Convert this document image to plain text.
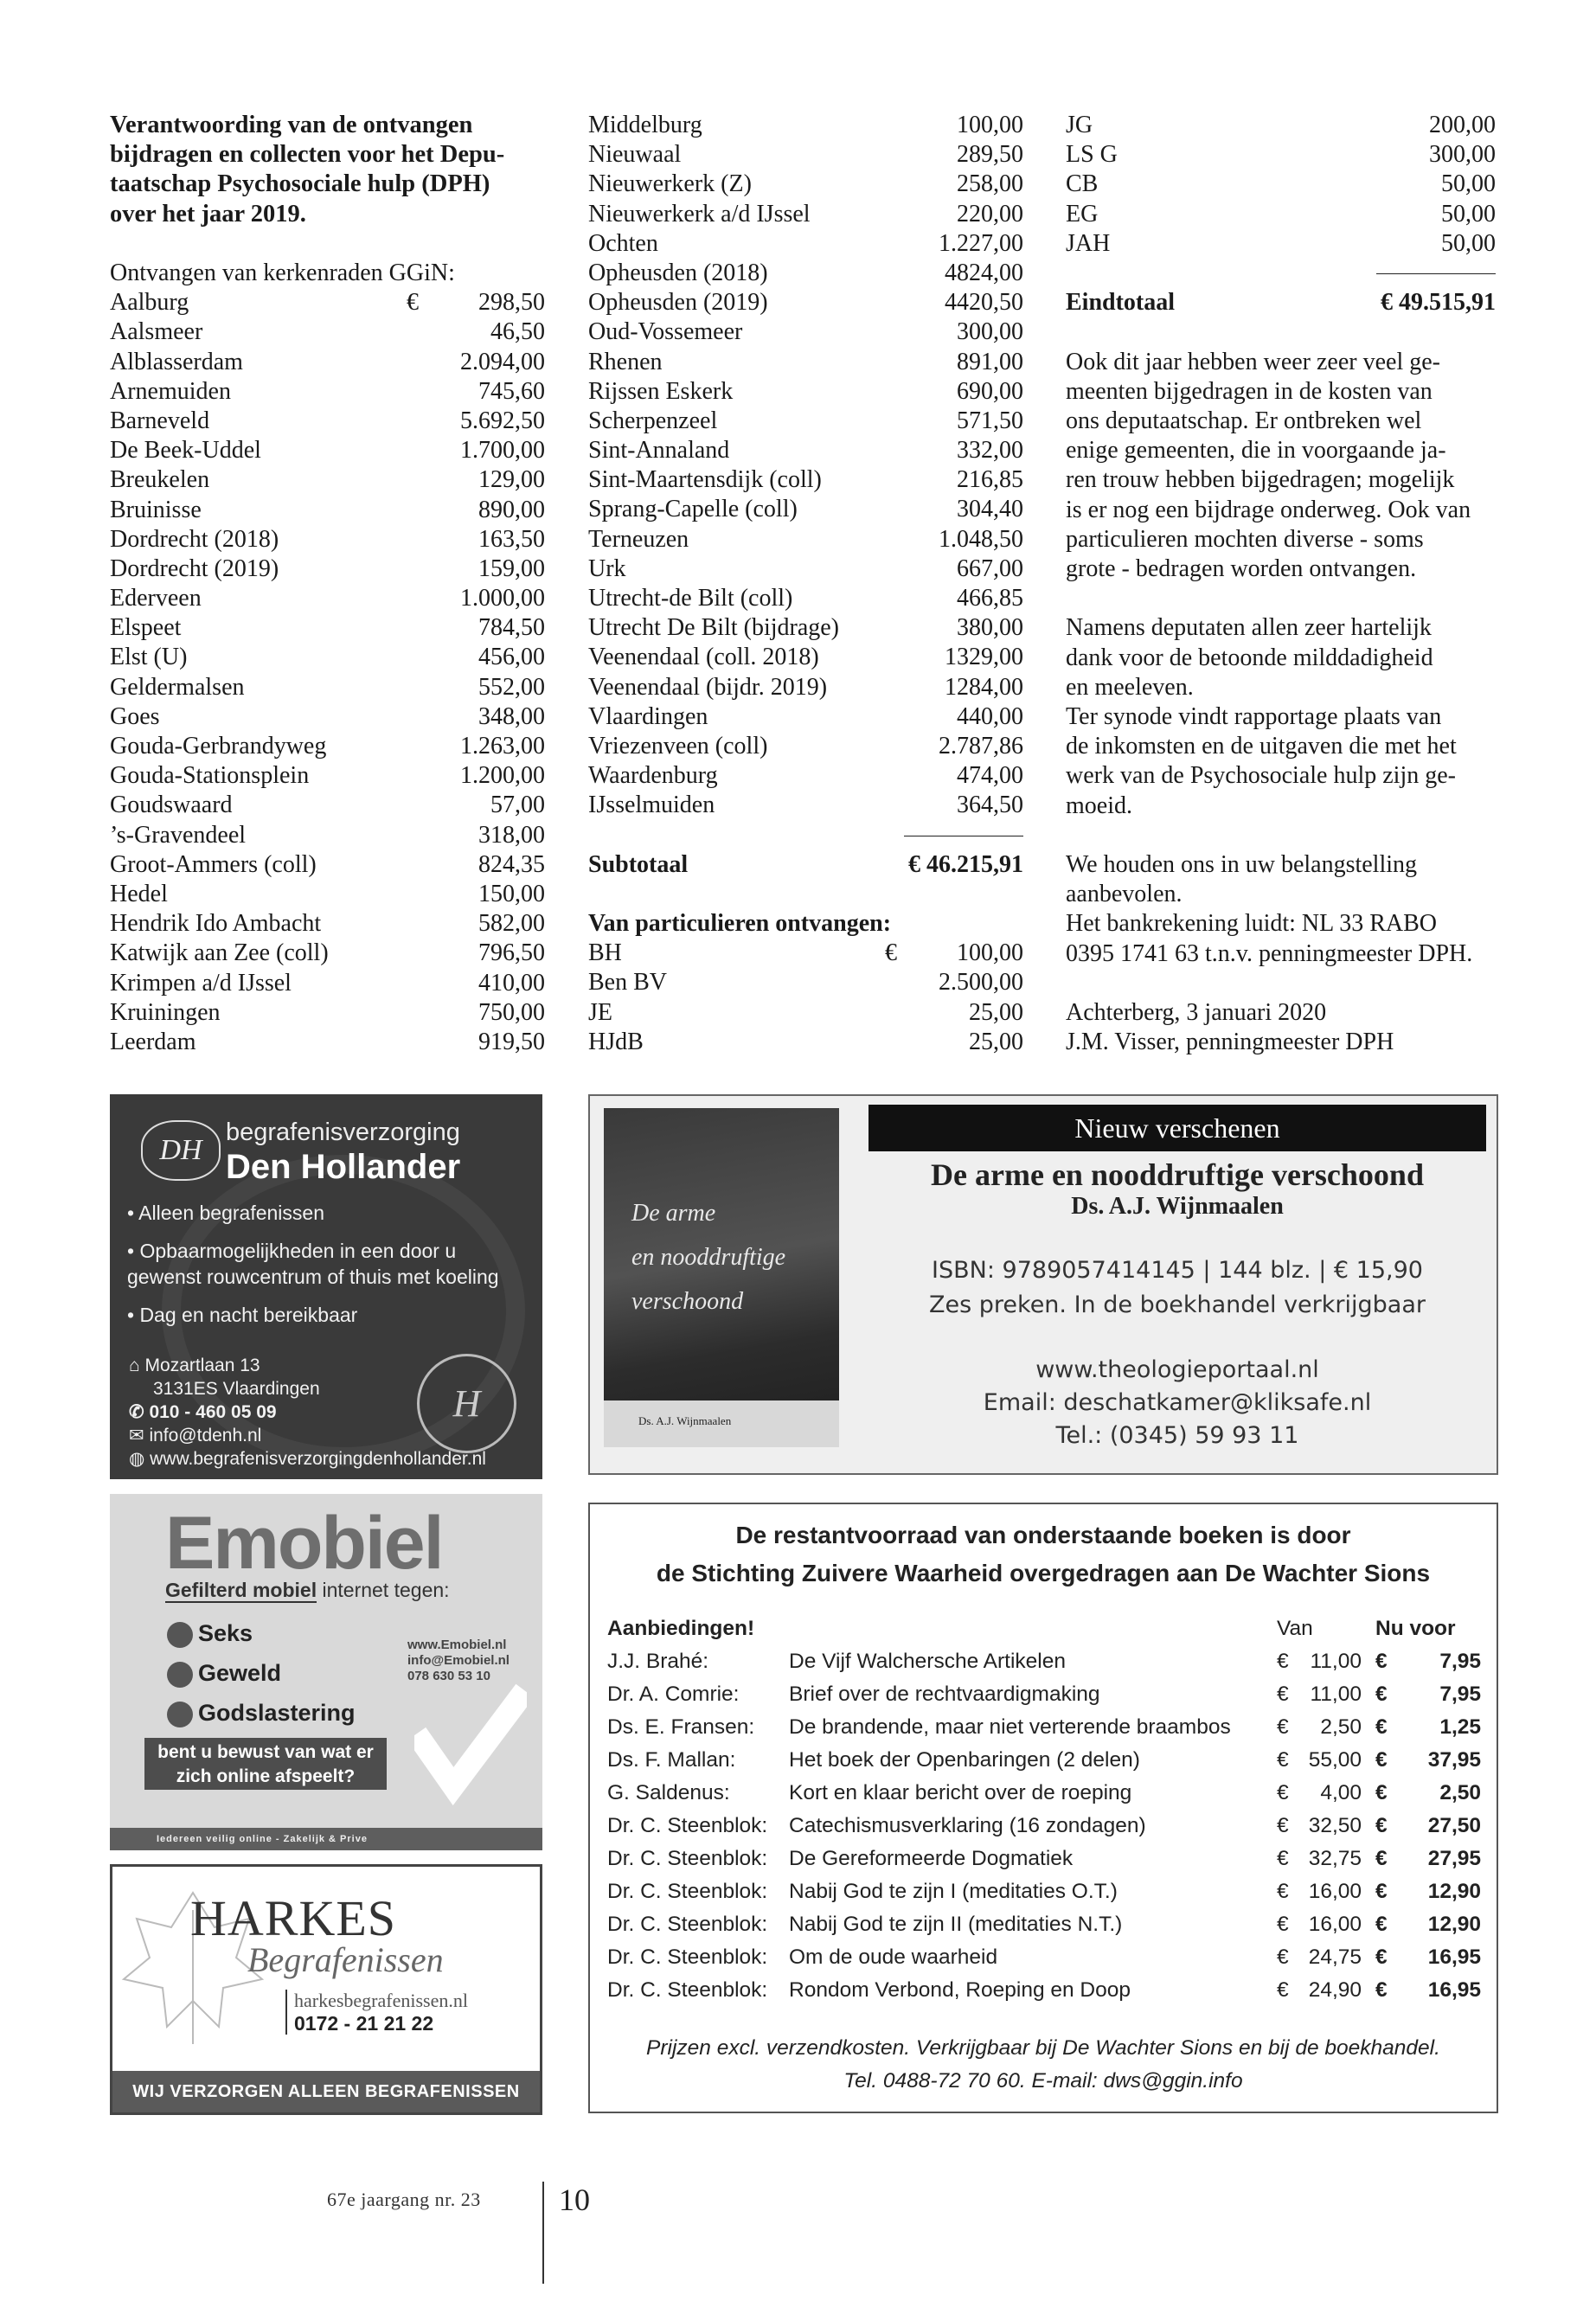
Verantwoording van de ontvangen
bijdragen en collecten voor het Depu-
taatschap Psychosociale hulp (DPH)
over het jaar 2019.
Ontvangen van kerkenraden GGiN:
Aalburg	€ 298,50
Aalsmeer	46,50
Alblasserdam	2.094,00
Arnemuiden	745,60
Barneveld	5.692,50
De Beek-Uddel	1.700,00
Breukelen	129,00
Bruinisse	890,00
Dordrecht (2018)	163,50
Dordrecht (2019)	159,00
Ederveen	1.000,00
Elspeet	784,50
Elst (U)	456,00
Geldermalsen	552,00
Goes	348,00
Gouda-Gerbrandyweg	1.263,00
Gouda-Stationsplein	1.200,00
Goudswaard	57,00
’s-Gravendeel	318,00
Groot-Ammers (coll)	824,35
Hedel	150,00
Hendrik Ido Ambacht	582,00
Katwijk aan Zee (coll)	796,50
Krimpen a/d IJssel	410,00
Kruiningen	750,00
Leerdam	919,50
Middelburg	100,00
Nieuwaal	289,50
Nieuwerkerk (Z)	258,00
Nieuwerkerk a/d IJssel	220,00
Ochten	1.227,00
Opheusden (2018)	4824,00
Opheusden (2019)	4420,50
Oud-Vossemeer	300,00
Rhenen	891,00
Rijssen Eskerk	690,00
Scherpenzeel	571,50
Sint-Annaland	332,00
Sint-Maartensdijk (coll)	216,85
Sprang-Capelle (coll)	304,40
Terneuzen	1.048,50
Urk	667,00
Utrecht-de Bilt (coll)	466,85
Utrecht De Bilt (bijdrage)	380,00
Veenendaal (coll. 2018)	1329,00
Veenendaal (bijdr. 2019)	1284,00
Vlaardingen	440,00
Vriezenveen (coll)	2.787,86
Waardenburg	474,00
IJsselmuiden	364,50
Subtotaal	€ 46.215,91
Van particulieren ontvangen:
BH	€ 100,00
Ben BV	2.500,00
JE	25,00
HJdB	25,00
JG	200,00
LS G	300,00
CB	50,00
EG	50,00
JAH	50,00
Eindtotaal	€ 49.515,91
Ook dit jaar hebben weer zeer veel ge-
meenten bijgedragen in de kosten van
ons deputaatschap. Er ontbreken wel
enige gemeenten, die in voorgaande ja-
ren trouw hebben bijgedragen; mogelijk
is er nog een bijdrage onderweg. Ook van
particulieren mochten diverse - soms
grote - bedragen worden ontvangen.
Namens deputaten allen zeer hartelijk
dank voor de betoonde milddadigheid
en meeleven.
Ter synode vindt rapportage plaats van
de inkomsten en de uitgaven die met het
werk van de Psychosociale hulp zijn ge-
moeid.
We houden ons in uw belangstelling
aanbevolen.
Het bankrekening luidt: NL 33 RABO
0395 1741 63 t.n.v. penningmeester DPH.
Achterberg, 3 januari 2020
J.M. Visser, penningmeester DPH
DH
begrafenisverzorging
Den Hollander
• Alleen begrafenissen
• Opbaarmogelijkheden in een door u gewenst rouwcentrum of thuis met koeling
• Dag en nacht bereikbaar
⌂ Mozartlaan 13
3131ES Vlaardingen
✆ 010 - 460 05 09
✉ info@tdenh.nl
◍ www.begrafenisverzorgingdenhollander.nl
H
Emobiel
Gefilterd mobiel internet tegen:
Seks
Geweld
Godslastering
www.Emobiel.nl
info@Emobiel.nl
078 630 53 10
bent u bewust van wat er zich online afspeelt?
Iedereen veilig online - Zakelijk & Prive
HARKES
Begrafenissen
harkesbegrafenissen.nl
0172 - 21 21 22
WIJ VERZORGEN ALLEEN BEGRAFENISSEN
De arme
en nooddruftige
verschoond
Ds. A.J. Wijnmaalen
Nieuw verschenen
De arme en nooddruftige verschoond
Ds. A.J. Wijnmaalen
ISBN: 9789057414145 | 144 blz. | € 15,90
Zes preken. In de boekhandel verkrijgbaar
www.theologieportaal.nl
Email: deschatkamer@kliksafe.nl
Tel.: (0345) 59 93 11
De restantvoorraad van onderstaande boeken is door
de Stichting Zuivere Waarheid overgedragen aan De Wachter Sions
Aanbiedingen!	Van	Nu voor
J.J. Brahé:	De Vijf Walchersche Artikelen	€ 11,00 € 7,95
Dr. A. Comrie:	Brief over de rechtvaardigmaking	€ 11,00 € 7,95
Ds. E. Fransen:	De brandende, maar niet verterende braambos	€ 2,50 € 1,25
Ds. F. Mallan:	Het boek der Openbaringen (2 delen)	€ 55,00 € 37,95
G. Saldenus:	Kort en klaar bericht over de roeping	€ 4,00 € 2,50
Dr. C. Steenblok:	Catechismusverklaring (16 zondagen)	€ 32,50 € 27,50
Dr. C. Steenblok:	De Gereformeerde Dogmatiek	€ 32,75 € 27,95
Dr. C. Steenblok:	Nabij God te zijn I (meditaties O.T.)	€ 16,00 € 12,90
Dr. C. Steenblok:	Nabij God te zijn II (meditaties N.T.)	€ 16,00 € 12,90
Dr. C. Steenblok:	Om de oude waarheid	€ 24,75 € 16,95
Dr. C. Steenblok:	Rondom Verbond, Roeping en Doop	€ 24,90 € 16,95
Prijzen excl. verzendkosten. Verkrijgbaar bij De Wachter Sions en bij de boekhandel.
Tel. 0488-72 70 60. E-mail: dws@ggin.info
67e jaargang nr. 23	10
